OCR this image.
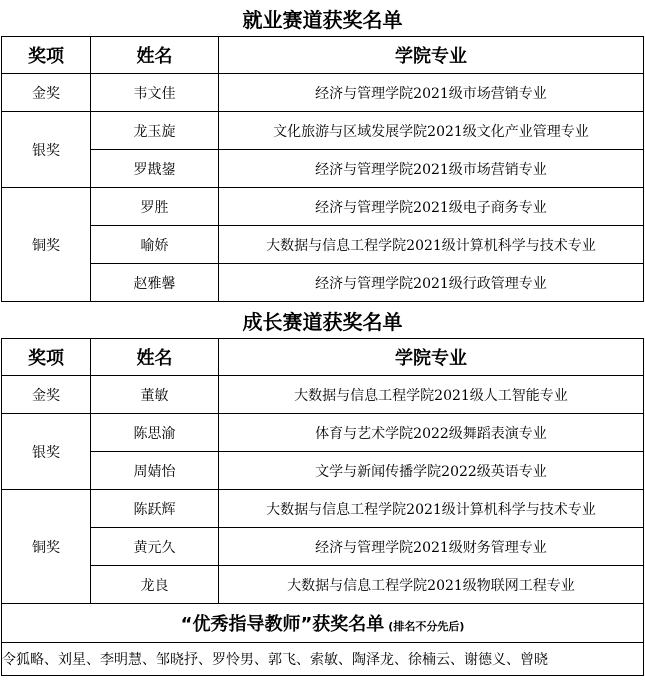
就业赛道获奖名单		
奖项	姓名	学院专业
金奖	韦文佳	经济与管理学院2021级市场营销专业
银奖	龙玉旋	文化旅游与区域发展学院2021级文化产业管理专业
	罗戡鋆	经济与管理学院2021级市场营销专业
铜奖	罗胜	经济与管理学院2021级电子商务专业
	喻娇	大数据与信息工程学院2021级计算机科学与技术专业
	赵雅馨	经济与管理学院2021级行政管理专业
成长赛道获奖名单		
奖项	姓名	学院专业
金奖	董敏	大数据与信息工程学院2021级人工智能专业
银奖	陈思渝	体育与艺术学院2022级舞蹈表演专业
	周婧怡	文学与新闻传播学院2022级英语专业
铜奖	陈跃辉	大数据与信息工程学院2021级计算机科学与技术专业
	黄元久	经济与管理学院2021级财务管理专业
	龙良	大数据与信息工程学院2021级物联网工程专业
“优秀指导教师”获奖名单 (排名不分先后)		
令狐略、刘星、李明慧、邹晓抒、罗怜男、郭飞、索敏、陶泽龙、徐楠云、谢德义、曾晓		
